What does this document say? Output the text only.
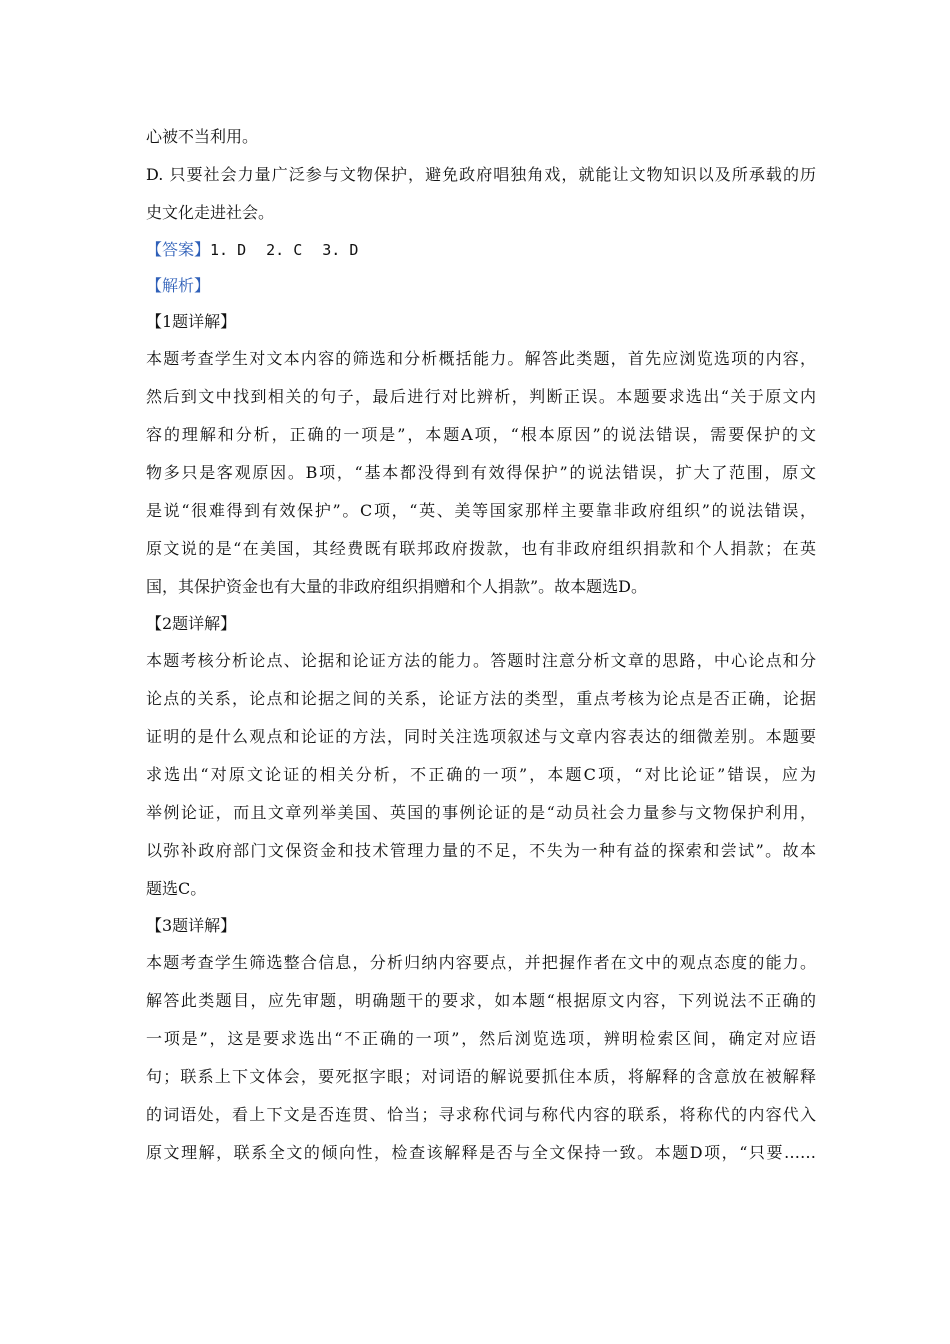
心被不当利用。
D. 只要社会力量广泛参与文物保护，避免政府唱独角戏，就能让文物知识以及所承载的历
史文化走进社会。
【答案】1. D 2. C 3. D
【解析】
【1题详解】
本题考查学生对文本内容的筛选和分析概括能力。解答此类题，首先应浏览选项的内容，
然后到文中找到相关的句子，最后进行对比辨析，判断正误。本题要求选出“关于原文内
容的理解和分析，正确的一项是”，本题A项，“根本原因”的说法错误，需要保护的文
物多只是客观原因。B项，“基本都没得到有效得保护”的说法错误，扩大了范围，原文
是说“很难得到有效保护”。C项，“英、美等国家那样主要靠非政府组织”的说法错误，
原文说的是“在美国，其经费既有联邦政府拨款，也有非政府组织捐款和个人捐款；在英
国，其保护资金也有大量的非政府组织捐赠和个人捐款”。故本题选D。
【2题详解】
本题考核分析论点、论据和论证方法的能力。答题时注意分析文章的思路，中心论点和分
论点的关系，论点和论据之间的关系，论证方法的类型，重点考核为论点是否正确，论据
证明的是什么观点和论证的方法，同时关注选项叙述与文章内容表达的细微差别。本题要
求选出“对原文论证的相关分析，不正确的一项”，本题C项，“对比论证”错误，应为
举例论证，而且文章列举美国、英国的事例论证的是“动员社会力量参与文物保护利用，
以弥补政府部门文保资金和技术管理力量的不足，不失为一种有益的探索和尝试”。故本
题选C。
【3题详解】
本题考查学生筛选整合信息，分析归纳内容要点，并把握作者在文中的观点态度的能力。
解答此类题目，应先审题，明确题干的要求，如本题“根据原文内容，下列说法不正确的
一项是”，这是要求选出“不正确的一项”，然后浏览选项，辨明检索区间，确定对应语
句；联系上下文体会，要死抠字眼；对词语的解说要抓住本质，将解释的含意放在被解释
的词语处，看上下文是否连贯、恰当；寻求称代词与称代内容的联系，将称代的内容代入
原文理解，联系全文的倾向性，检查该解释是否与全文保持一致。本题D项，“只要……
